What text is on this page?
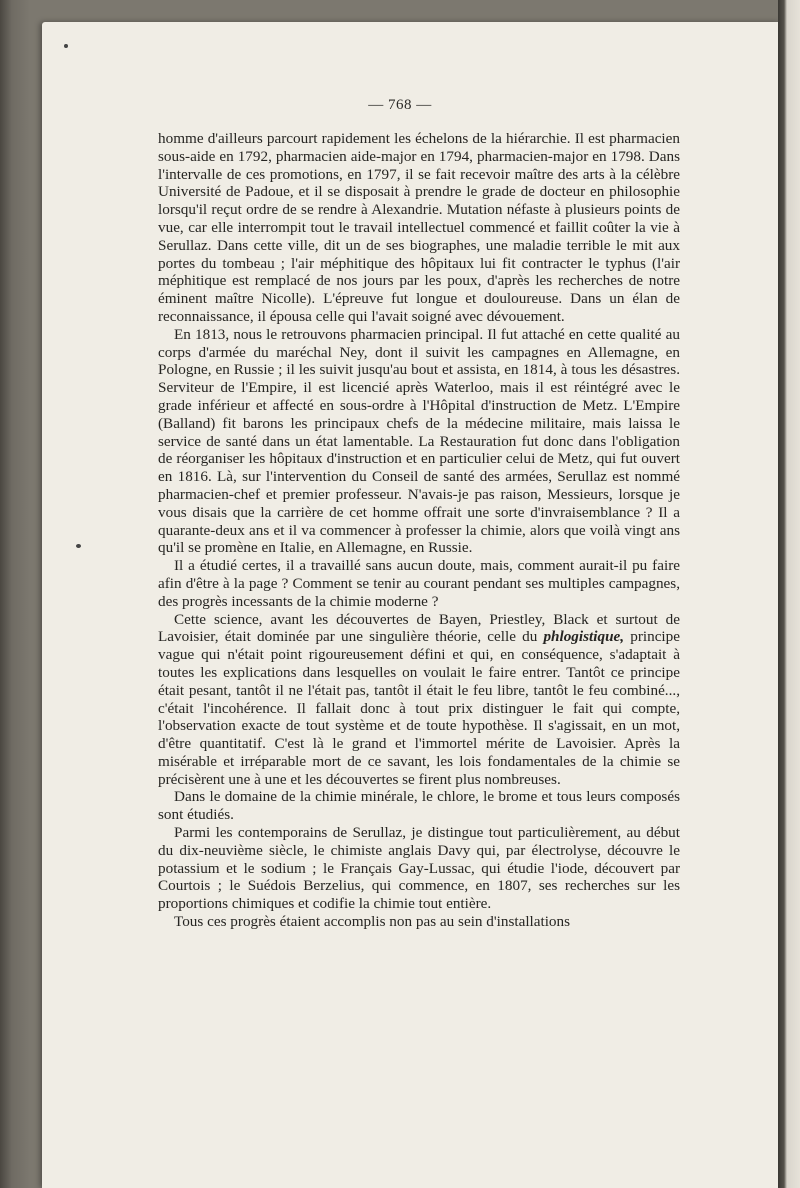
— 768 —

homme d'ailleurs parcourt rapidement les échelons de la hiérarchie. Il est pharmacien sous-aide en 1792, pharmacien aide-major en 1794, pharmacien-major en 1798. Dans l'intervalle de ces promotions, en 1797, il se fait recevoir maître des arts à la célèbre Université de Padoue, et il se disposait à prendre le grade de docteur en philosophie lorsqu'il reçut ordre de se rendre à Alexandrie. Mutation néfaste à plusieurs points de vue, car elle interrompit tout le travail intellectuel commencé et faillit coûter la vie à Serullaz. Dans cette ville, dit un de ses biographes, une maladie terrible le mit aux portes du tombeau ; l'air méphitique des hôpitaux lui fit contracter le typhus (l'air méphitique est remplacé de nos jours par les poux, d'après les recherches de notre éminent maître Nicolle). L'épreuve fut longue et douloureuse. Dans un élan de reconnaissance, il épousa celle qui l'avait soigné avec dévouement.

En 1813, nous le retrouvons pharmacien principal. Il fut attaché en cette qualité au corps d'armée du maréchal Ney, dont il suivit les campagnes en Allemagne, en Pologne, en Russie ; il les suivit jusqu'au bout et assista, en 1814, à tous les désastres. Serviteur de l'Empire, il est licencié après Waterloo, mais il est réintégré avec le grade inférieur et affecté en sous-ordre à l'Hôpital d'instruction de Metz. L'Empire (Balland) fit barons les principaux chefs de la médecine militaire, mais laissa le service de santé dans un état lamentable. La Restauration fut donc dans l'obligation de réorganiser les hôpitaux d'instruction et en particulier celui de Metz, qui fut ouvert en 1816. Là, sur l'intervention du Conseil de santé des armées, Serullaz est nommé pharmacien-chef et premier professeur. N'avais-je pas raison, Messieurs, lorsque je vous disais que la carrière de cet homme offrait une sorte d'invraisemblance ? Il a quarante-deux ans et il va commencer à professer la chimie, alors que voilà vingt ans qu'il se promène en Italie, en Allemagne, en Russie.

Il a étudié certes, il a travaillé sans aucun doute, mais, comment aurait-il pu faire afin d'être à la page ? Comment se tenir au courant pendant ses multiples campagnes, des progrès incessants de la chimie moderne ?

Cette science, avant les découvertes de Bayen, Priestley, Black et surtout de Lavoisier, était dominée par une singulière théorie, celle du phlogistique, principe vague qui n'était point rigoureusement défini et qui, en conséquence, s'adaptait à toutes les explications dans lesquelles on voulait le faire entrer. Tantôt ce principe était pesant, tantôt il ne l'était pas, tantôt il était le feu libre, tantôt le feu combiné..., c'était l'incohérence. Il fallait donc à tout prix distinguer le fait qui compte, l'observation exacte de tout système et de toute hypothèse. Il s'agissait, en un mot, d'être quantitatif. C'est là le grand et l'immortel mérite de Lavoisier. Après la misérable et irréparable mort de ce savant, les lois fondamentales de la chimie se précisèrent une à une et les découvertes se firent plus nombreuses.

Dans le domaine de la chimie minérale, le chlore, le brome et tous leurs composés sont étudiés.

Parmi les contemporains de Serullaz, je distingue tout particulièrement, au début du dix-neuvième siècle, le chimiste anglais Davy qui, par électrolyse, découvre le potassium et le sodium ; le Français Gay-Lussac, qui étudie l'iode, découvert par Courtois ; le Suédois Berzelius, qui commence, en 1807, ses recherches sur les proportions chimiques et codifie la chimie tout entière.

Tous ces progrès étaient accomplis non pas au sein d'installations
